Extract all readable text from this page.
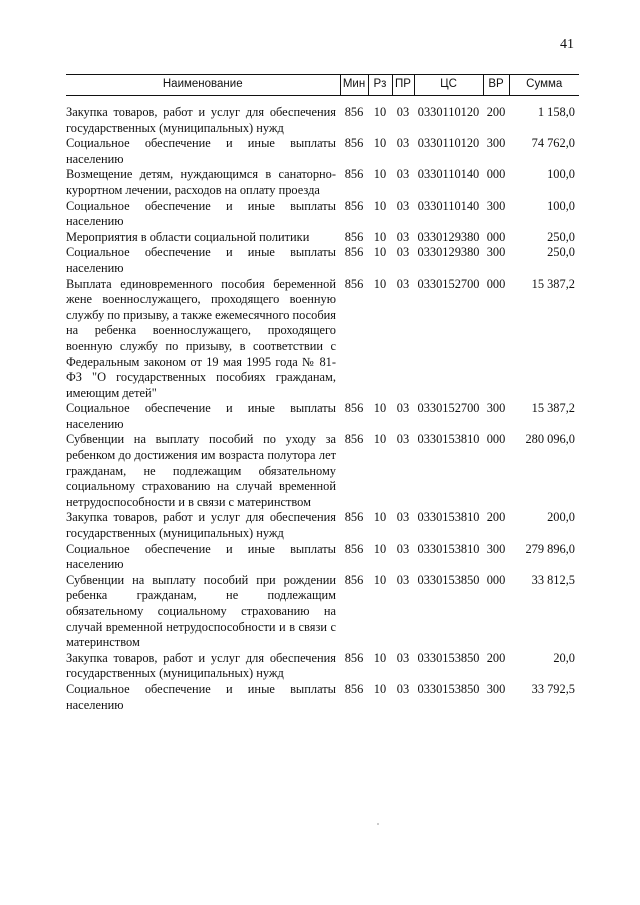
41
Наименование	Мин	Рз	ПР	ЦС	ВР	Сумма
Закупка товаров, работ и услуг для обеспечения государственных (муниципальных) нужд	856	10	03	0330110120	200	1 158,0
Социальное обеспечение и иные выплаты населению	856	10	03	0330110120	300	74 762,0
Возмещение детям, нуждающимся в санаторно-курортном лечении, расходов на оплату проезда	856	10	03	0330110140	000	100,0
Социальное обеспечение и иные выплаты населению	856	10	03	0330110140	300	100,0
Мероприятия в области социальной политики	856	10	03	0330129380	000	250,0
Социальное обеспечение и иные выплаты населению	856	10	03	0330129380	300	250,0
Выплата единовременного пособия беременной жене военнослужащего, проходящего военную службу по призыву, а также ежемесячного пособия на ребенка военнослужащего, проходящего военную службу по призыву, в соответствии с Федеральным законом от 19 мая 1995 года № 81-ФЗ "О государственных пособиях гражданам, имеющим детей"	856	10	03	0330152700	000	15 387,2
Социальное обеспечение и иные выплаты населению	856	10	03	0330152700	300	15 387,2
Субвенции на выплату пособий по уходу за ребенком до достижения им возраста полутора лет гражданам, не подлежащим обязательному социальному страхованию на случай временной нетрудоспособности и в связи с материнством	856	10	03	0330153810	000	280 096,0
Закупка товаров, работ и услуг для обеспечения государственных (муниципальных) нужд	856	10	03	0330153810	200	200,0
Социальное обеспечение и иные выплаты населению	856	10	03	0330153810	300	279 896,0
Субвенции на выплату пособий при рождении ребенка гражданам, не подлежащим обязательному социальному страхованию на случай временной нетрудоспособности и в связи с материнством	856	10	03	0330153850	000	33 812,5
Закупка товаров, работ и услуг для обеспечения государственных (муниципальных) нужд	856	10	03	0330153850	200	20,0
Социальное обеспечение и иные выплаты населению	856	10	03	0330153850	300	33 792,5
